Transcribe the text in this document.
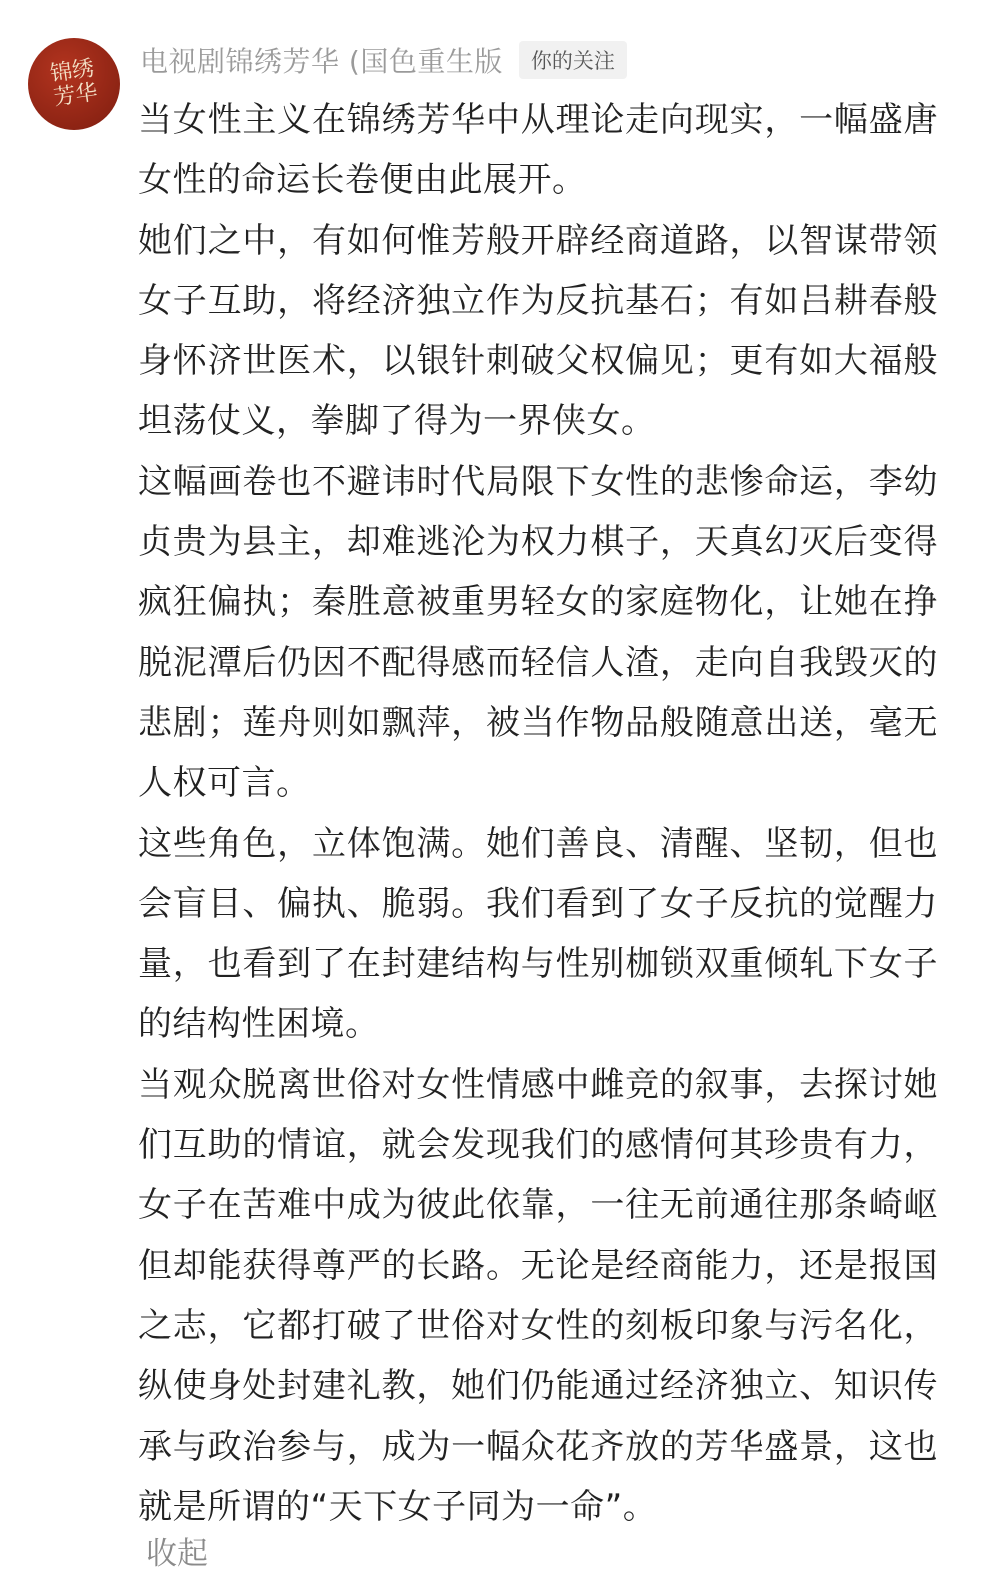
锦绣芳华
电视剧锦绣芳华 (国色重生版	你的关注

当女性主义在锦绣芳华中从理论走向现实，一幅盛唐女性的命运长卷便由此展开。

她们之中，有如何惟芳般开辟经商道路，以智谋带领女子互助，将经济独立作为反抗基石；有如吕耕春般身怀济世医术，以银针刺破父权偏见；更有如大福般坦荡仗义，拳脚了得为一界侠女。

这幅画卷也不避讳时代局限下女性的悲惨命运，李幼贞贵为县主，却难逃沦为权力棋子，天真幻灭后变得疯狂偏执；秦胜意被重男轻女的家庭物化，让她在挣脱泥潭后仍因不配得感而轻信人渣，走向自我毁灭的悲剧；莲舟则如飘萍，被当作物品般随意出送，毫无人权可言。

这些角色，立体饱满。她们善良、清醒、坚韧，但也会盲目、偏执、脆弱。我们看到了女子反抗的觉醒力量，也看到了在封建结构与性别枷锁双重倾轧下女子的结构性困境。

当观众脱离世俗对女性情感中雌竞的叙事，去探讨她们互助的情谊，就会发现我们的感情何其珍贵有力，女子在苦难中成为彼此依靠，一往无前通往那条崎岖但却能获得尊严的长路。无论是经商能力，还是报国之志，它都打破了世俗对女性的刻板印象与污名化，纵使身处封建礼教，她们仍能通过经济独立、知识传承与政治参与，成为一幅众花齐放的芳华盛景，这也就是所谓的“天下女子同为一命”。

收起
